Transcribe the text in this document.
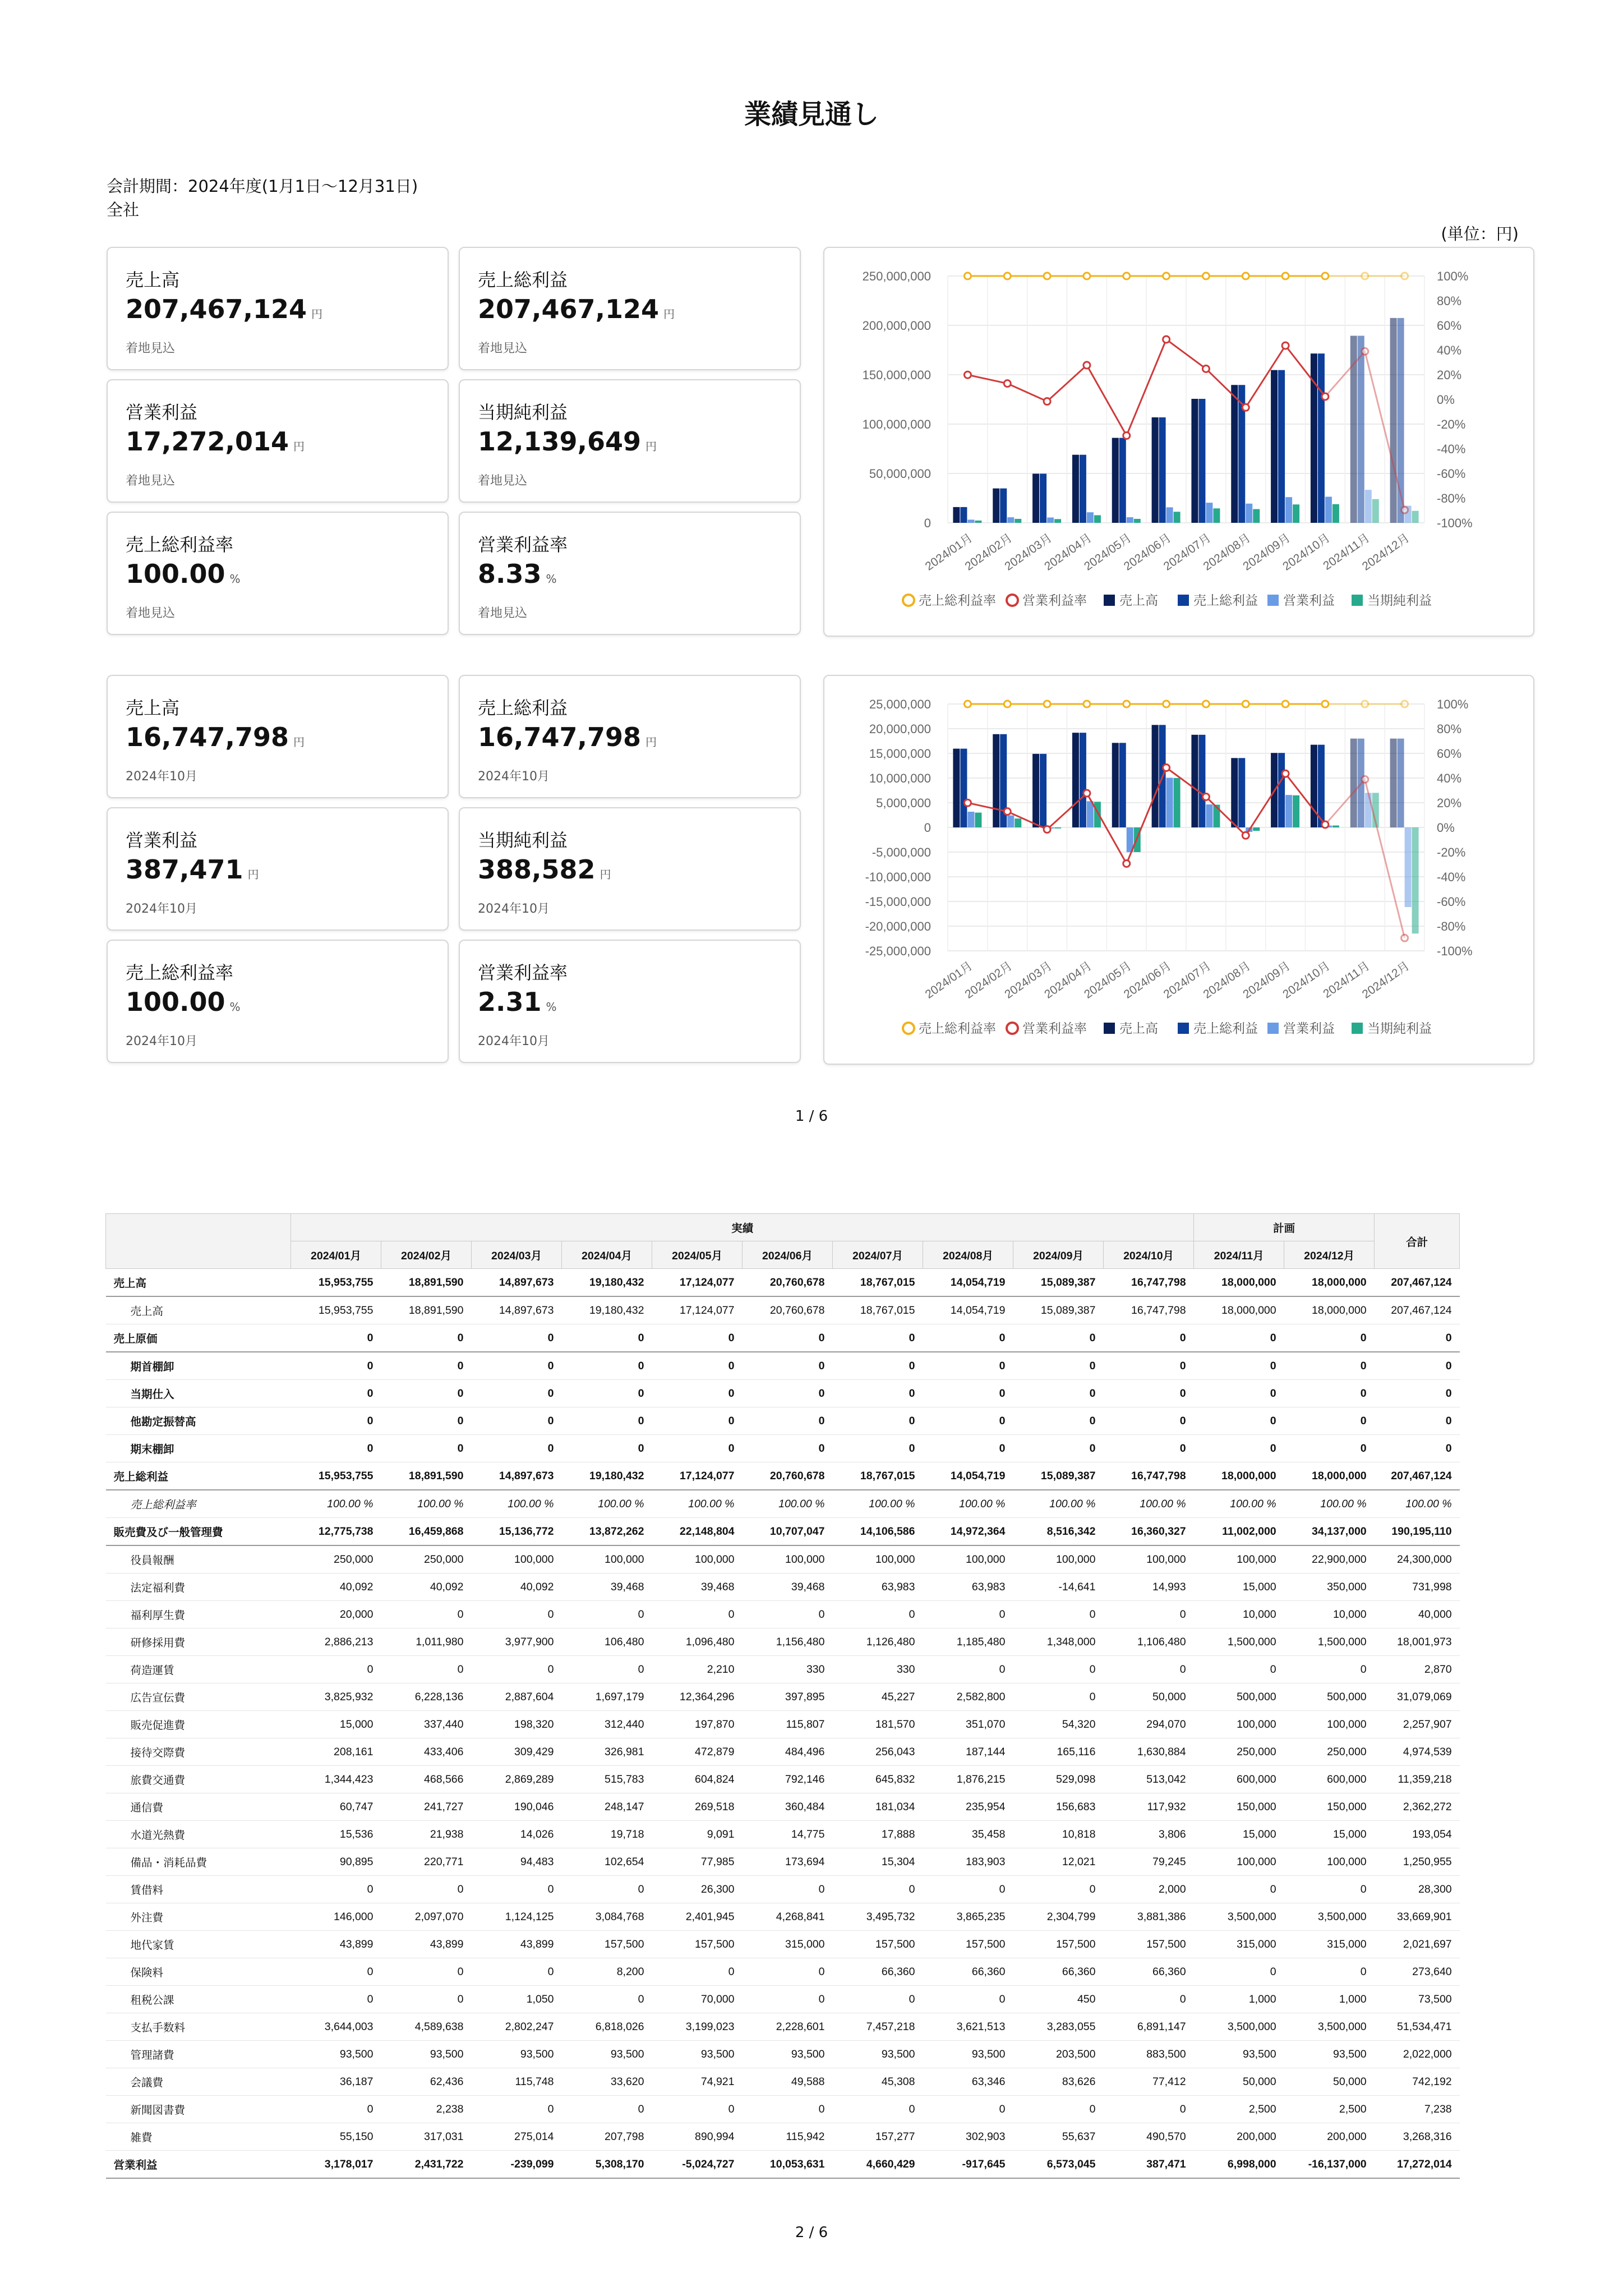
業績見通し
会計期間：2024年度(1月1日〜12月31日)
全社
(単位：円)
売上高
207,467,124 円
着地見込
売上総利益
207,467,124 円
着地見込
営業利益
17,272,014 円
着地見込
当期純利益
12,139,649 円
着地見込
売上総利益率
100.00 %
着地見込
営業利益率
8.33 %
着地見込
売上高
16,747,798 円
2024年10月
売上総利益
16,747,798 円
2024年10月
営業利益
387,471 円
2024年10月
当期純利益
388,582 円
2024年10月
売上総利益率
100.00 %
2024年10月
営業利益率
2.31 %
2024年10月
250,000,000
200,000,000
150,000,000
100,000,000
50,000,000
0
100%
80%
60%
40%
20%
0%
-20%
-40%
-60%
-80%
-100%
2024/01月
2024/02月
2024/03月
2024/04月
2024/05月
2024/06月
2024/07月
2024/08月
2024/09月
2024/10月
2024/11月
2024/12月
売上総利益率 営業利益率	売上高	売上総利益 営業利益	当期純利益
25,000,000
20,000,000
15,000,000
10,000,000
5,000,000
0
-5,000,000
-10,000,000
-15,000,000
-20,000,000
-25,000,000
100%
80%
60%
40%
20%
0%
-20%
-40%
-60%
-80%
-100%
2024/01月
2024/02月
2024/03月
2024/04月
2024/05月
2024/06月
2024/07月
2024/08月
2024/09月
2024/10月
2024/11月
2024/12月
売上総利益率 営業利益率	売上高	売上総利益 営業利益	当期純利益
1 / 6
	実績										計画		合計
	2024/01月	2024/02月	2024/03月	2024/04月	2024/05月	2024/06月	2024/07月	2024/08月	2024/09月	2024/10月	2024/11月	2024/12月	
売上高	15,953,755	18,891,590	14,897,673	19,180,432	17,124,077	20,760,678	18,767,015	14,054,719	15,089,387	16,747,798	18,000,000	18,000,000	207,467,124
売上高	15,953,755	18,891,590	14,897,673	19,180,432	17,124,077	20,760,678	18,767,015	14,054,719	15,089,387	16,747,798	18,000,000	18,000,000	207,467,124
売上原価	0	0	0	0	0	0	0	0	0	0	0	0	0
期首棚卸	0	0	0	0	0	0	0	0	0	0	0	0	0
当期仕入	0	0	0	0	0	0	0	0	0	0	0	0	0
他勘定振替高	0	0	0	0	0	0	0	0	0	0	0	0	0
期末棚卸	0	0	0	0	0	0	0	0	0	0	0	0	0
売上総利益	15,953,755	18,891,590	14,897,673	19,180,432	17,124,077	20,760,678	18,767,015	14,054,719	15,089,387	16,747,798	18,000,000	18,000,000	207,467,124
売上総利益率	100.00 %	100.00 %	100.00 %	100.00 %	100.00 %	100.00 %	100.00 %	100.00 %	100.00 %	100.00 %	100.00 %	100.00 %	100.00 %
販売費及び一般管理費	12,775,738	16,459,868	15,136,772	13,872,262	22,148,804	10,707,047	14,106,586	14,972,364	8,516,342	16,360,327	11,002,000	34,137,000	190,195,110
役員報酬	250,000	250,000	100,000	100,000	100,000	100,000	100,000	100,000	100,000	100,000	100,000	22,900,000	24,300,000
法定福利費	40,092	40,092	40,092	39,468	39,468	39,468	63,983	63,983	-14,641	14,993	15,000	350,000	731,998
福利厚生費	20,000	0	0	0	0	0	0	0	0	0	10,000	10,000	40,000
研修採用費	2,886,213	1,011,980	3,977,900	106,480	1,096,480	1,156,480	1,126,480	1,185,480	1,348,000	1,106,480	1,500,000	1,500,000	18,001,973
荷造運賃	0	0	0	0	2,210	330	330	0	0	0	0	0	2,870
広告宣伝費	3,825,932	6,228,136	2,887,604	1,697,179	12,364,296	397,895	45,227	2,582,800	0	50,000	500,000	500,000	31,079,069
販売促進費	15,000	337,440	198,320	312,440	197,870	115,807	181,570	351,070	54,320	294,070	100,000	100,000	2,257,907
接待交際費	208,161	433,406	309,429	326,981	472,879	484,496	256,043	187,144	165,116	1,630,884	250,000	250,000	4,974,539
旅費交通費	1,344,423	468,566	2,869,289	515,783	604,824	792,146	645,832	1,876,215	529,098	513,042	600,000	600,000	11,359,218
通信費	60,747	241,727	190,046	248,147	269,518	360,484	181,034	235,954	156,683	117,932	150,000	150,000	2,362,272
水道光熱費	15,536	21,938	14,026	19,718	9,091	14,775	17,888	35,458	10,818	3,806	15,000	15,000	193,054
備品・消耗品費	90,895	220,771	94,483	102,654	77,985	173,694	15,304	183,903	12,021	79,245	100,000	100,000	1,250,955
賃借料	0	0	0	0	26,300	0	0	0	0	2,000	0	0	28,300
外注費	146,000	2,097,070	1,124,125	3,084,768	2,401,945	4,268,841	3,495,732	3,865,235	2,304,799	3,881,386	3,500,000	3,500,000	33,669,901
地代家賃	43,899	43,899	43,899	157,500	157,500	315,000	157,500	157,500	157,500	157,500	315,000	315,000	2,021,697
保険料	0	0	0	8,200	0	0	66,360	66,360	66,360	66,360	0	0	273,640
租税公課	0	0	1,050	0	70,000	0	0	0	450	0	1,000	1,000	73,500
支払手数料	3,644,003	4,589,638	2,802,247	6,818,026	3,199,023	2,228,601	7,457,218	3,621,513	3,283,055	6,891,147	3,500,000	3,500,000	51,534,471
管理諸費	93,500	93,500	93,500	93,500	93,500	93,500	93,500	93,500	203,500	883,500	93,500	93,500	2,022,000
会議費	36,187	62,436	115,748	33,620	74,921	49,588	45,308	63,346	83,626	77,412	50,000	50,000	742,192
新聞図書費	0	2,238	0	0	0	0	0	0	0	0	2,500	2,500	7,238
雑費	55,150	317,031	275,014	207,798	890,994	115,942	157,277	302,903	55,637	490,570	200,000	200,000	3,268,316
営業利益	3,178,017	2,431,722	-239,099	5,308,170	-5,024,727	10,053,631	4,660,429	-917,645	6,573,045	387,471	6,998,000	-16,137,000	17,272,014
2 / 6
